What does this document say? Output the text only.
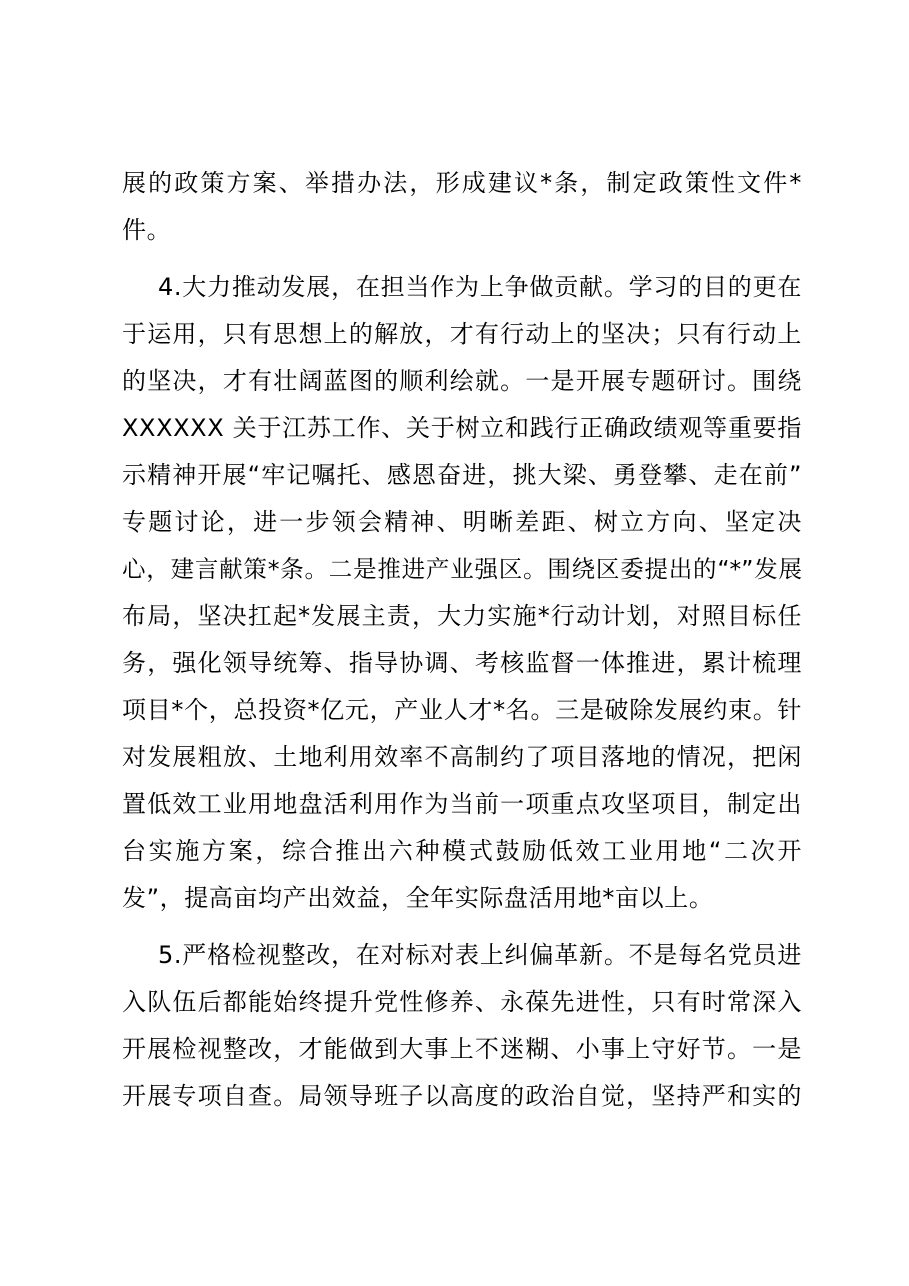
展的政策方案、举措办法，形成建议*条，制定政策性文件*
件。
4.大力推动发展，在担当作为上争做贡献。学习的目的更在
于运用，只有思想上的解放，才有行动上的坚决；只有行动上
的坚决，才有壮阔蓝图的顺利绘就。一是开展专题研讨。围绕
XXXXXX 关于江苏工作、关于树立和践行正确政绩观等重要指
示精神开展“牢记嘱托、感恩奋进，挑大梁、勇登攀、走在前”
专题讨论，进一步领会精神、明晰差距、树立方向、坚定决
心，建言献策*条。二是推进产业强区。围绕区委提出的“*”发展
布局，坚决扛起*发展主责，大力实施*行动计划，对照目标任
务，强化领导统筹、指导协调、考核监督一体推进，累计梳理
项目*个，总投资*亿元，产业人才*名。三是破除发展约束。针
对发展粗放、土地利用效率不高制约了项目落地的情况，把闲
置低效工业用地盘活利用作为当前一项重点攻坚项目，制定出
台实施方案，综合推出六种模式鼓励低效工业用地“二次开
发”，提高亩均产出效益，全年实际盘活用地*亩以上。
5.严格检视整改，在对标对表上纠偏革新。不是每名党员进
入队伍后都能始终提升党性修养、永葆先进性，只有时常深入
开展检视整改，才能做到大事上不迷糊、小事上守好节。一是
开展专项自查。局领导班子以高度的政治自觉，坚持严和实的
